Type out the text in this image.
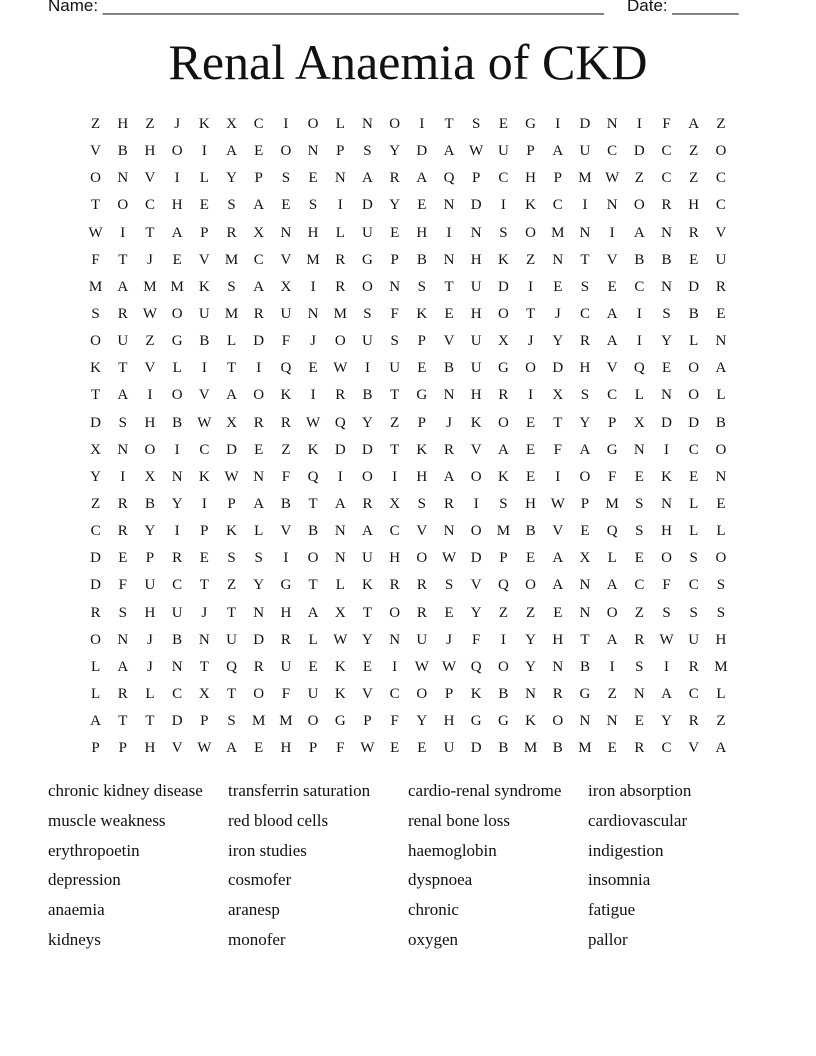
Name: _____________________________________________________ Date: _______
Renal Anaemia of CKD
Z	H	Z	J	K	X	C	I	O	L	N	O	I	T	S	E	G	I	D	N	I	F	A	Z
V	B	H	O	I	A	E	O	N	P	S	Y	D	A W U	P	A	U	C	D	C	Z	O
O	N	V	I	L	Y	P	S	E	N	A	R	A	Q	P	C	H	P	M W	Z	C	Z	C
T	O	C	H	E	S	A	E	S	I	D	Y	E	N	D	I	K	C	I	N	O	R	H	C
W	I	T	A	P	R	X	N	H	L	U	E	H	I	N	S	O	M	N	I	A	N	R	V
F	T	J	E	V	M	C	V	M	R	G	P	B	N	H	K	Z	N	T	V	B	B	E	U
M	A	M M	K	S	A	X	I	R	O	N	S	T	U	D	I	E	S	E	C	N	D	R
S	R	W O	U	M	R	U	N	M	S	F	K	E	H	O	T	J	C	A	I	S	B	E
O	U	Z	G	B	L	D	F	J	O	U	S	P	V	U	X	J	Y	R	A	I	Y	L	N
K	T	V	L	I	T	I	Q	E	W	I	U	E	B	U	G	O	D	H	V	Q	E	O	A
T	A	I	O	V	A	O	K	I	R	B	T	G	N	H	R	I	X	S	C	L	N	O	L
D	S	H	B	W X	R	R	W Q	Y	Z	P	J	K	O	E	T	Y	P	X	D	D	B
X	N	O	I	C	D	E	Z	K	D	D	T	K	R	V	A	E	F	A	G	N	I	C	O
Y	I	X	N	K W N	F	Q	I	O	I	H	A	O	K	E	I	O	F	E	K	E	N
Z	R	B	Y	I	P	A	B	T	A	R	X	S	R	I	S	H W	P	M	S	N	L	E
C	R	Y	I	P	K	L	V	B	N	A	C	V	N	O	M	B	V	E	Q	S	H	L	L
D	E	P	R	E	S	S	I	O	N	U	H	O W D	P	E	A	X	L	E	O	S	O
D	F	U	C	T	Z	Y	G	T	L	K	R	R	S	V	Q	O	A	N	A	C	F	C	S
R	S	H	U	J	T	N	H	A	X	T	O	R	E	Y	Z	Z	E	N	O	Z	S	S	S
O	N	J	B	N	U	D	R	L	W Y	N	U	J	F	I	Y	H	T	A	R	W U	H
L	A	J	N	T	Q	R	U	E	K	E	I	W W Q	O	Y	N	B	I	S	I	R	M
L	R	L	C	X	T	O	F	U	K	V	C	O	P	K	B	N	R	G	Z	N	A	C	L
A	T	T	D	P	S	M M	O	G	P	F	Y	H	G	G	K	O	N	N	E	Y	R	Z
P	P	H	V W A	E	H	P	F	W	E	E	U	D	B	M	B	M	E	R	C	V	A
chronic kidney disease	transferrin saturation	cardio-renal syndrome	iron absorption
muscle weakness	red blood cells	renal bone loss	cardiovascular
erythropoetin	iron studies	haemoglobin	indigestion
depression	cosmofer	dyspnoea	insomnia
anaemia	aranesp	chronic	fatigue
kidneys	monofer	oxygen	pallor
